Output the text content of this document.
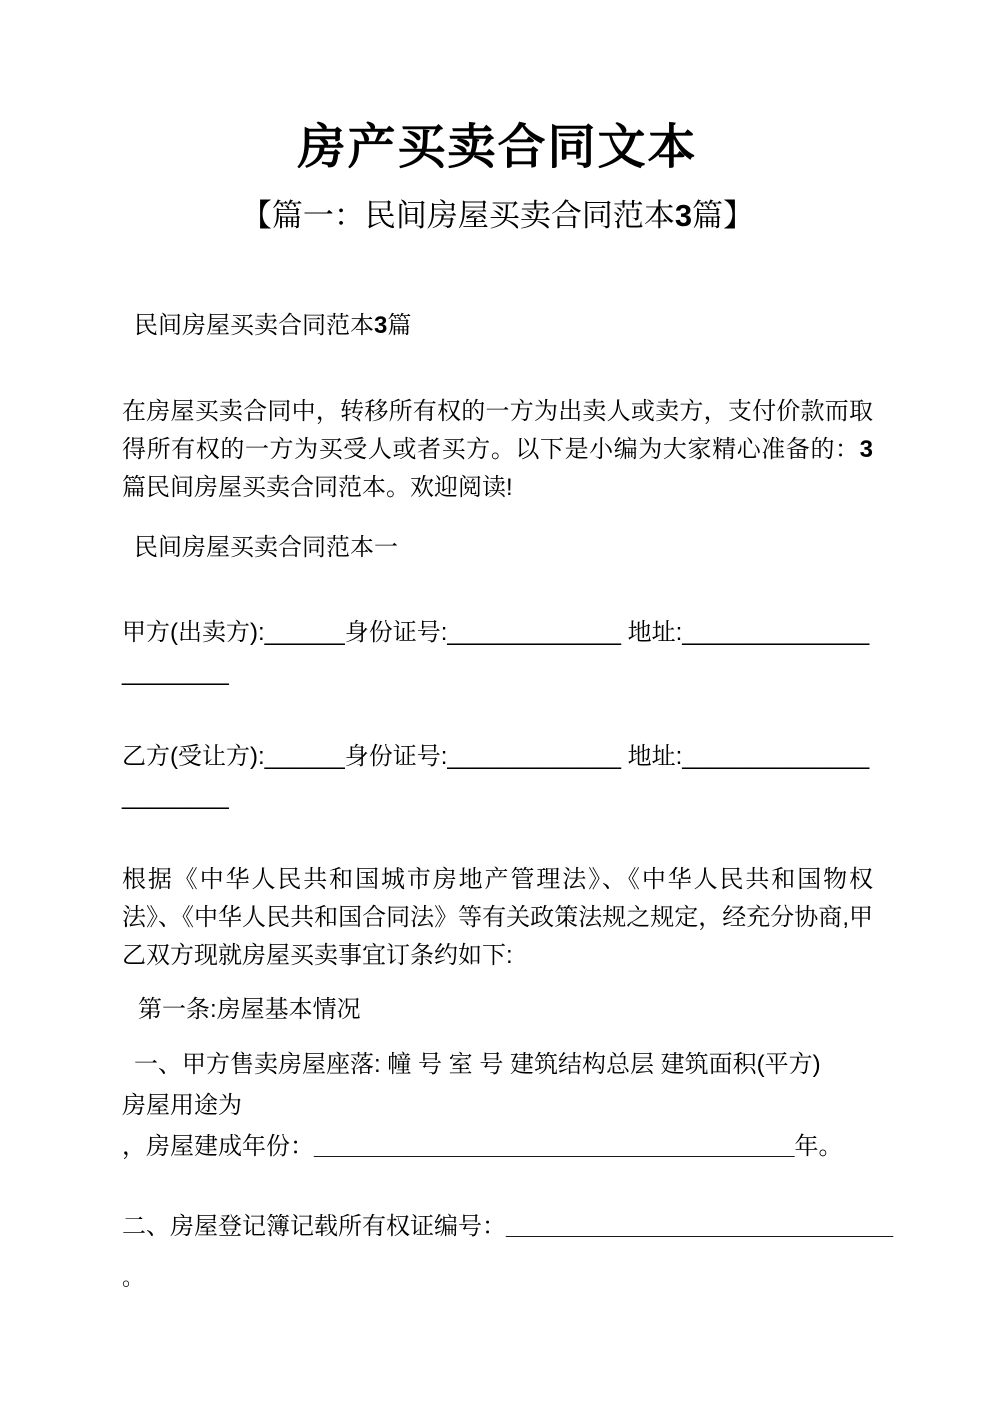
房产买卖合同文本
【篇一：民间房屋买卖合同范本3篇】

民间房屋买卖合同范本3篇

在房屋买卖合同中，转移所有权的一方为出卖人或卖方，支付价款而取得所有权的一方为买受人或者买方。以下是小编为大家精心准备的：3篇民间房屋买卖合同范本。欢迎阅读!

民间房屋买卖合同范本一

甲方(出卖方):______身份证号:_____________ 地址:______________
________
乙方(受让方):______身份证号:_____________ 地址:______________
________

根据《中华人民共和国城市房地产管理法》、《中华人民共和国物权法》、《中华人民共和国合同法》等有关政策法规之规定，经充分协商,甲乙双方现就房屋买卖事宜订条约如下:

第一条:房屋基本情况

一、甲方售卖房屋座落: 幢 号 室 号 建筑结构总层 建筑面积(平方)
房屋用途为
，房屋建成年份：____________________________________年。
二、房屋登记簿记载所有权证编号：_____________________________
。
